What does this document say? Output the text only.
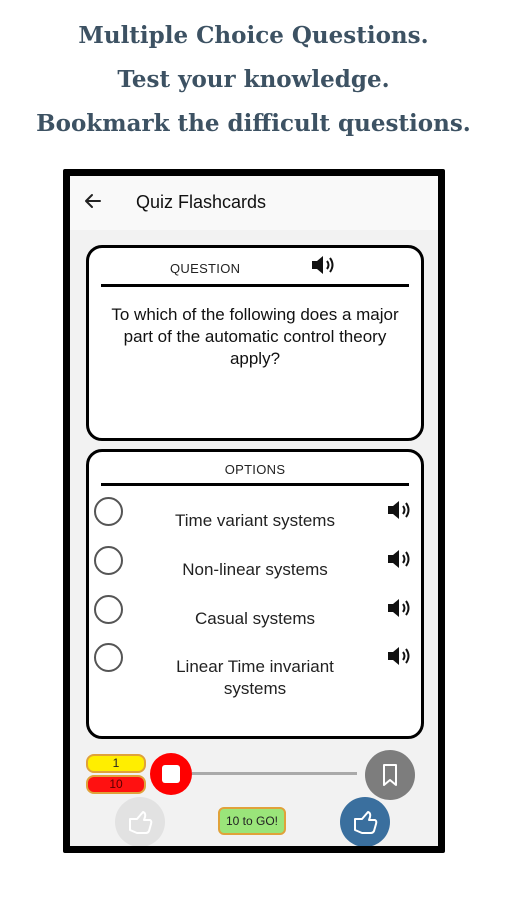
Multiple Choice Questions.
Test your knowledge.
Bookmark the difficult questions.
Quiz Flashcards
QUESTION
To which of the following does a major part of the automatic control theory apply?
OPTIONS
Time variant systems
Non-linear systems
Casual systems
Linear Time invariant systems
1
10
10 to GO!
